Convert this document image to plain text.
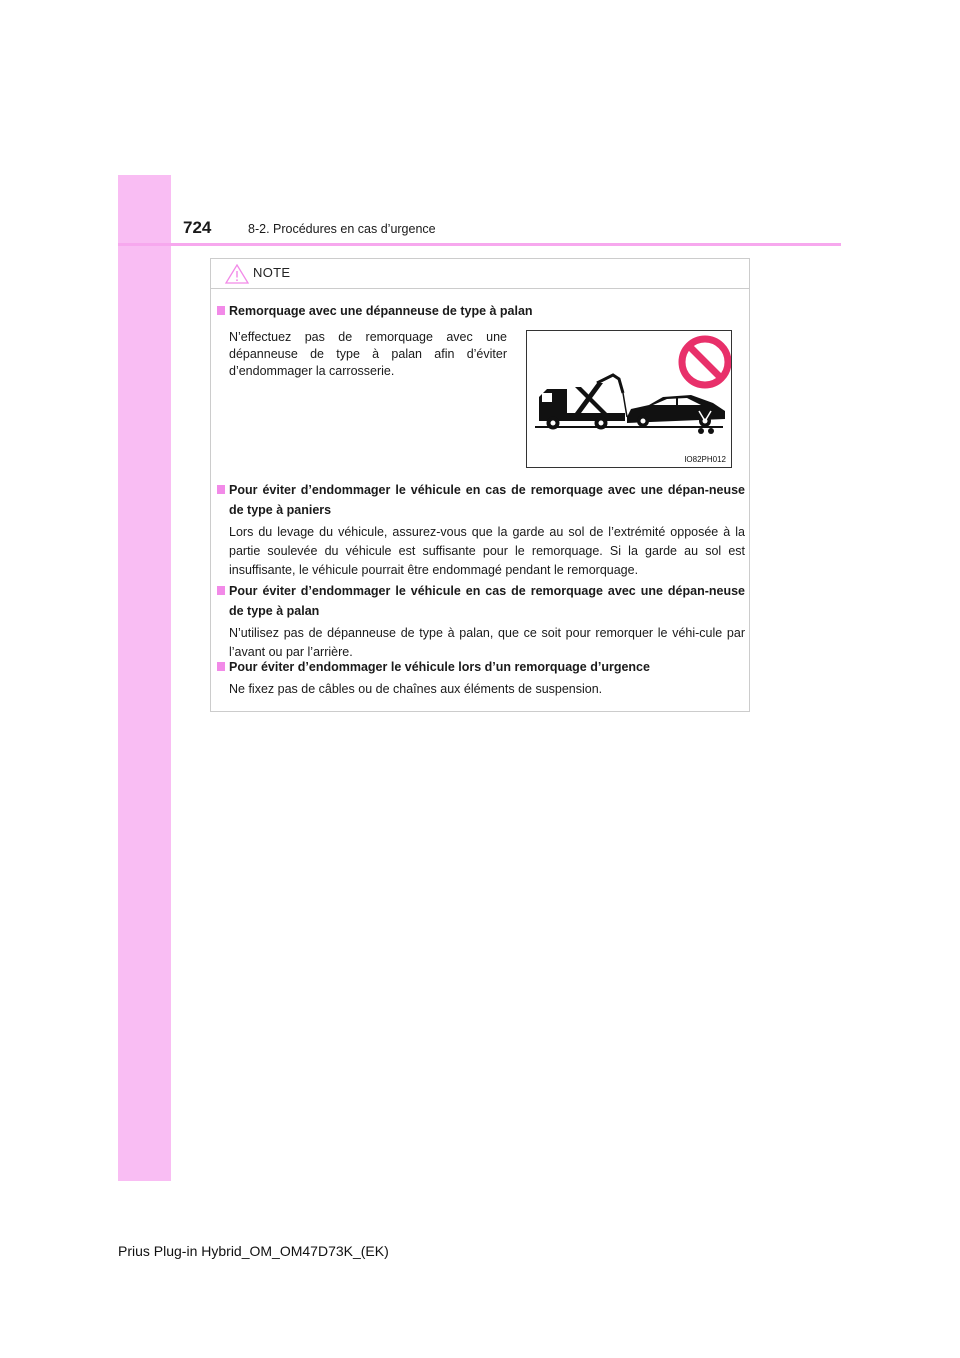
724	8-2. Procédures en cas d’urgence
NOTE
Remorquage avec une dépanneuse de type à palan
N’effectuez pas de remorquage avec une dépanneuse de type à palan afin d’éviter d’endommager la carrosserie.
IO82PH012
Pour éviter d’endommager le véhicule en cas de remorquage avec une dépan-neuse de type à paniers
Lors du levage du véhicule, assurez-vous que la garde au sol de l’extrémité opposée à la partie soulevée du véhicule est suffisante pour le remorquage. Si la garde au sol est insuffisante, le véhicule pourrait être endommagé pendant le remorquage.
Pour éviter d’endommager le véhicule en cas de remorquage avec une dépan-neuse de type à palan
N’utilisez pas de dépanneuse de type à palan, que ce soit pour remorquer le véhi-cule par l’avant ou par l’arrière.
Pour éviter d’endommager le véhicule lors d’un remorquage d’urgence
Ne fixez pas de câbles ou de chaînes aux éléments de suspension.
Prius Plug-in Hybrid_OM_OM47D73K_(EK)
